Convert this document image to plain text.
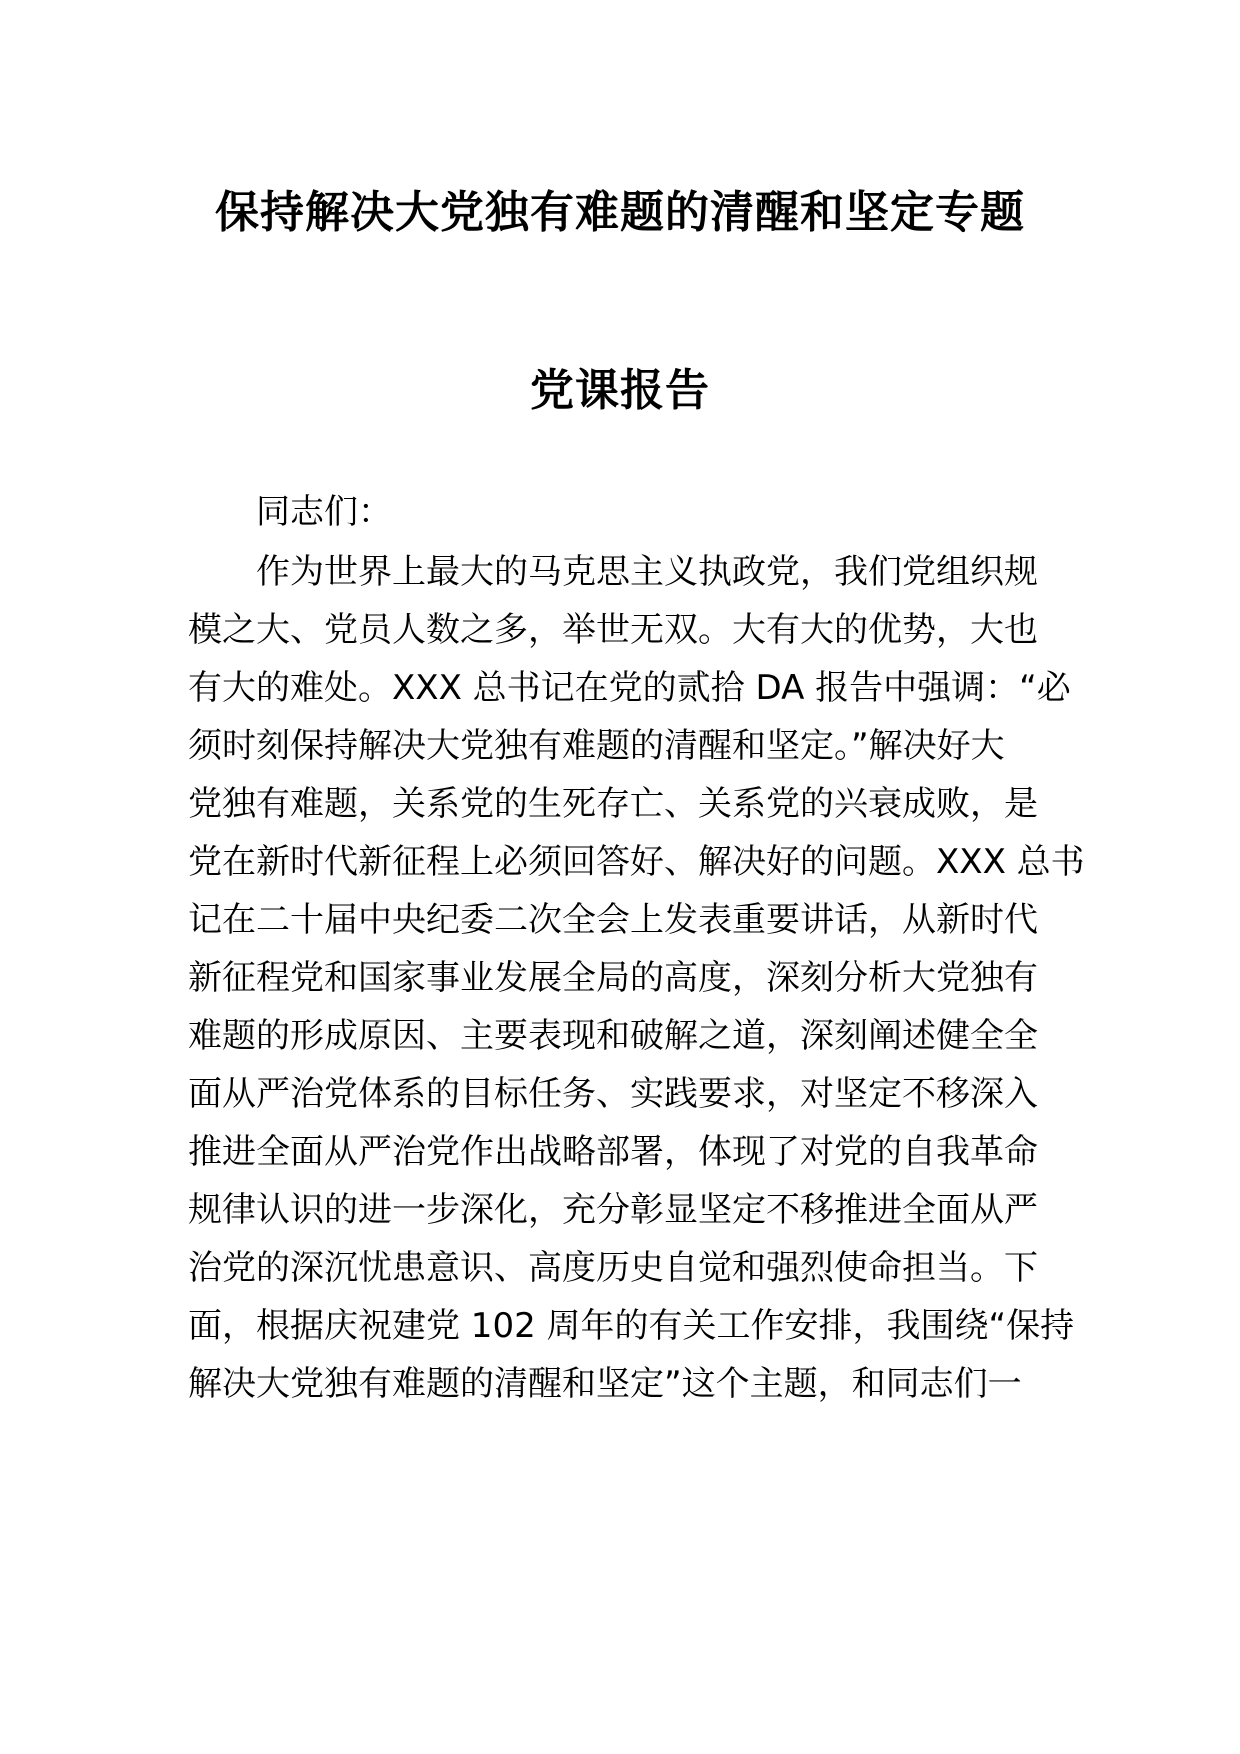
保持解决大党独有难题的清醒和坚定专题
党课报告
同志们：
作为世界上最大的马克思主义执政党，我们党组织规
模之大、党员人数之多，举世无双。大有大的优势，大也
有大的难处。XXX 总书记在党的贰拾 DA 报告中强调：“必
须时刻保持解决大党独有难题的清醒和坚定。”解决好大
党独有难题，关系党的生死存亡、关系党的兴衰成败，是
党在新时代新征程上必须回答好、解决好的问题。XXX 总书
记在二十届中央纪委二次全会上发表重要讲话，从新时代
新征程党和国家事业发展全局的高度，深刻分析大党独有
难题的形成原因、主要表现和破解之道，深刻阐述健全全
面从严治党体系的目标任务、实践要求，对坚定不移深入
推进全面从严治党作出战略部署，体现了对党的自我革命
规律认识的进一步深化，充分彰显坚定不移推进全面从严
治党的深沉忧患意识、高度历史自觉和强烈使命担当。下
面，根据庆祝建党 102 周年的有关工作安排，我围绕“保持
解决大党独有难题的清醒和坚定”这个主题，和同志们一
